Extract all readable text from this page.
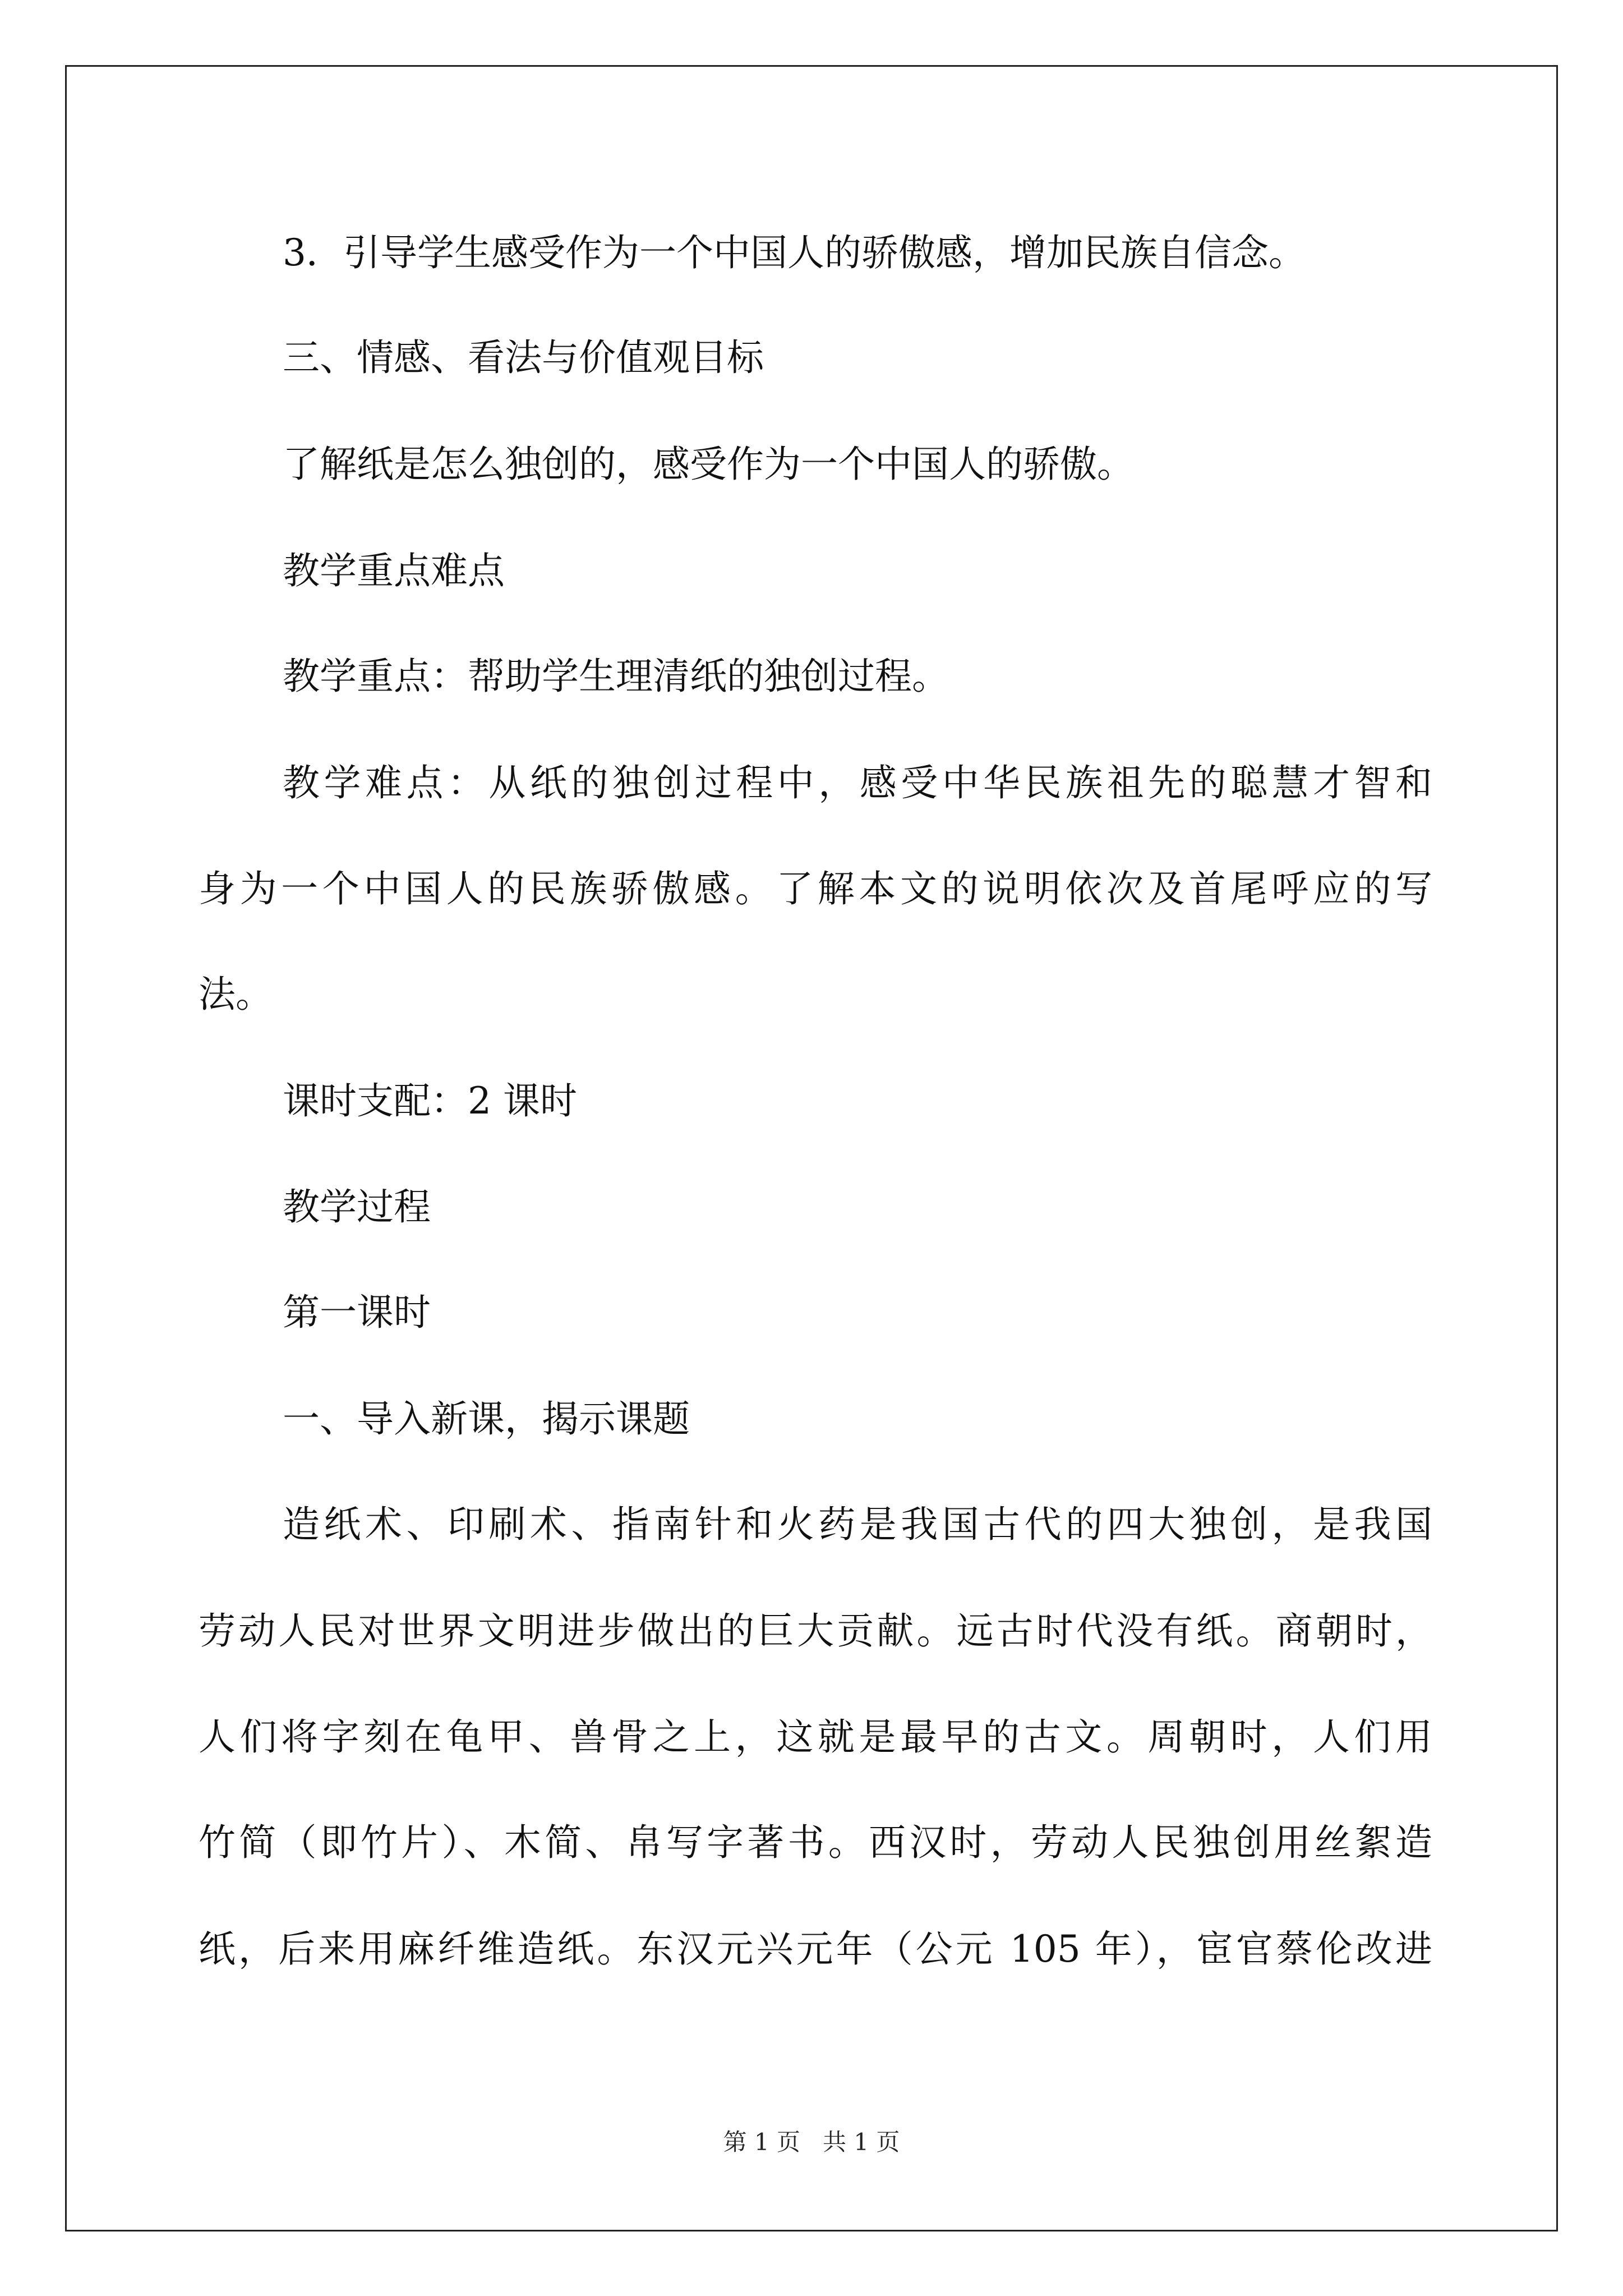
3．引导学生感受作为一个中国人的骄傲感，增加民族自信念。

三、情感、看法与价值观目标

了解纸是怎么独创的，感受作为一个中国人的骄傲。

教学重点难点

教学重点：帮助学生理清纸的独创过程。

教学难点：从纸的独创过程中，感受中华民族祖先的聪慧才智和

身为一个中国人的民族骄傲感。了解本文的说明依次及首尾呼应的写

法。

课时支配：2 课时

教学过程

第一课时

一、导入新课，揭示课题

造纸术、印刷术、指南针和火药是我国古代的四大独创，是我国

劳动人民对世界文明进步做出的巨大贡献。远古时代没有纸。商朝时，

人们将字刻在龟甲、兽骨之上，这就是最早的古文。周朝时，人们用

竹简（即竹片）、木简、帛写字著书。西汉时，劳动人民独创用丝絮造

纸，后来用麻纤维造纸。东汉元兴元年（公元 105 年），宦官蔡伦改进

第 1 页 共 1 页
